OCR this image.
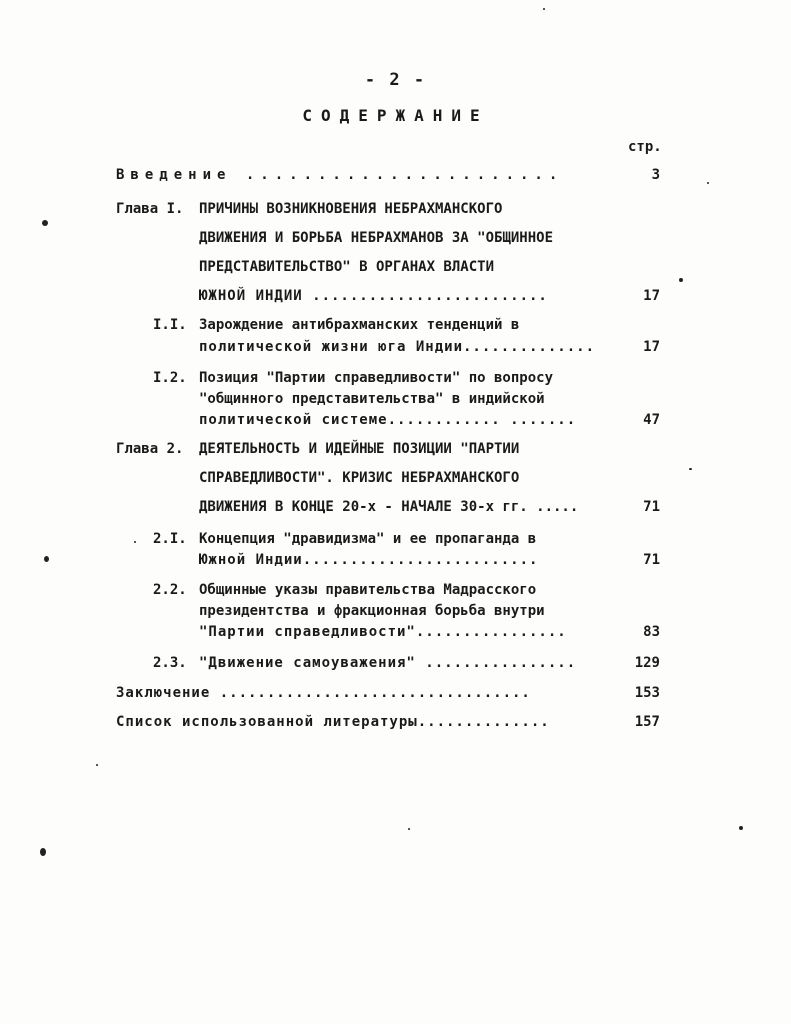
- 2 -
СОДЕРЖАНИЕ
стр.
Введение ......................	3
Глава I. ПРИЧИНЫ ВОЗНИКНОВЕНИЯ НЕБРАХМАНСКОГО
ДВИЖЕНИЯ И БОРЬБА НЕБРАХМАНОВ ЗА "ОБЩИННОЕ
ПРЕДСТАВИТЕЛЬСТВО" В ОРГАНАХ ВЛАСТИ
ЮЖНОЙ ИНДИИ .........................	17
I.I. Зарождение антибрахманских тенденций в
политической жизни юга Индии..............	17
I.2. Позиция "Партии справедливости" по вопросу
"общинного представительства" в индийской
политической системе............ .......	47
Глава 2. ДЕЯТЕЛЬНОСТЬ И ИДЕЙНЫЕ ПОЗИЦИИ "ПАРТИИ
СПРАВЕДЛИВОСТИ". КРИЗИС НЕБРАХМАНСКОГО
ДВИЖЕНИЯ В КОНЦЕ 20-х - НАЧАЛЕ 30-х гг. .....	71
2.I. Концепция "дравидизма" и ее пропаганда в
Южной Индии.........................	71
2.2. Общинные указы правительства Мадрасского
президентства и фракционная борьба внутри
"Партии справедливости"................	83
2.3. "Движение самоуважения" ................	129
Заключение .................................	153
Список использованной литературы..............	157
